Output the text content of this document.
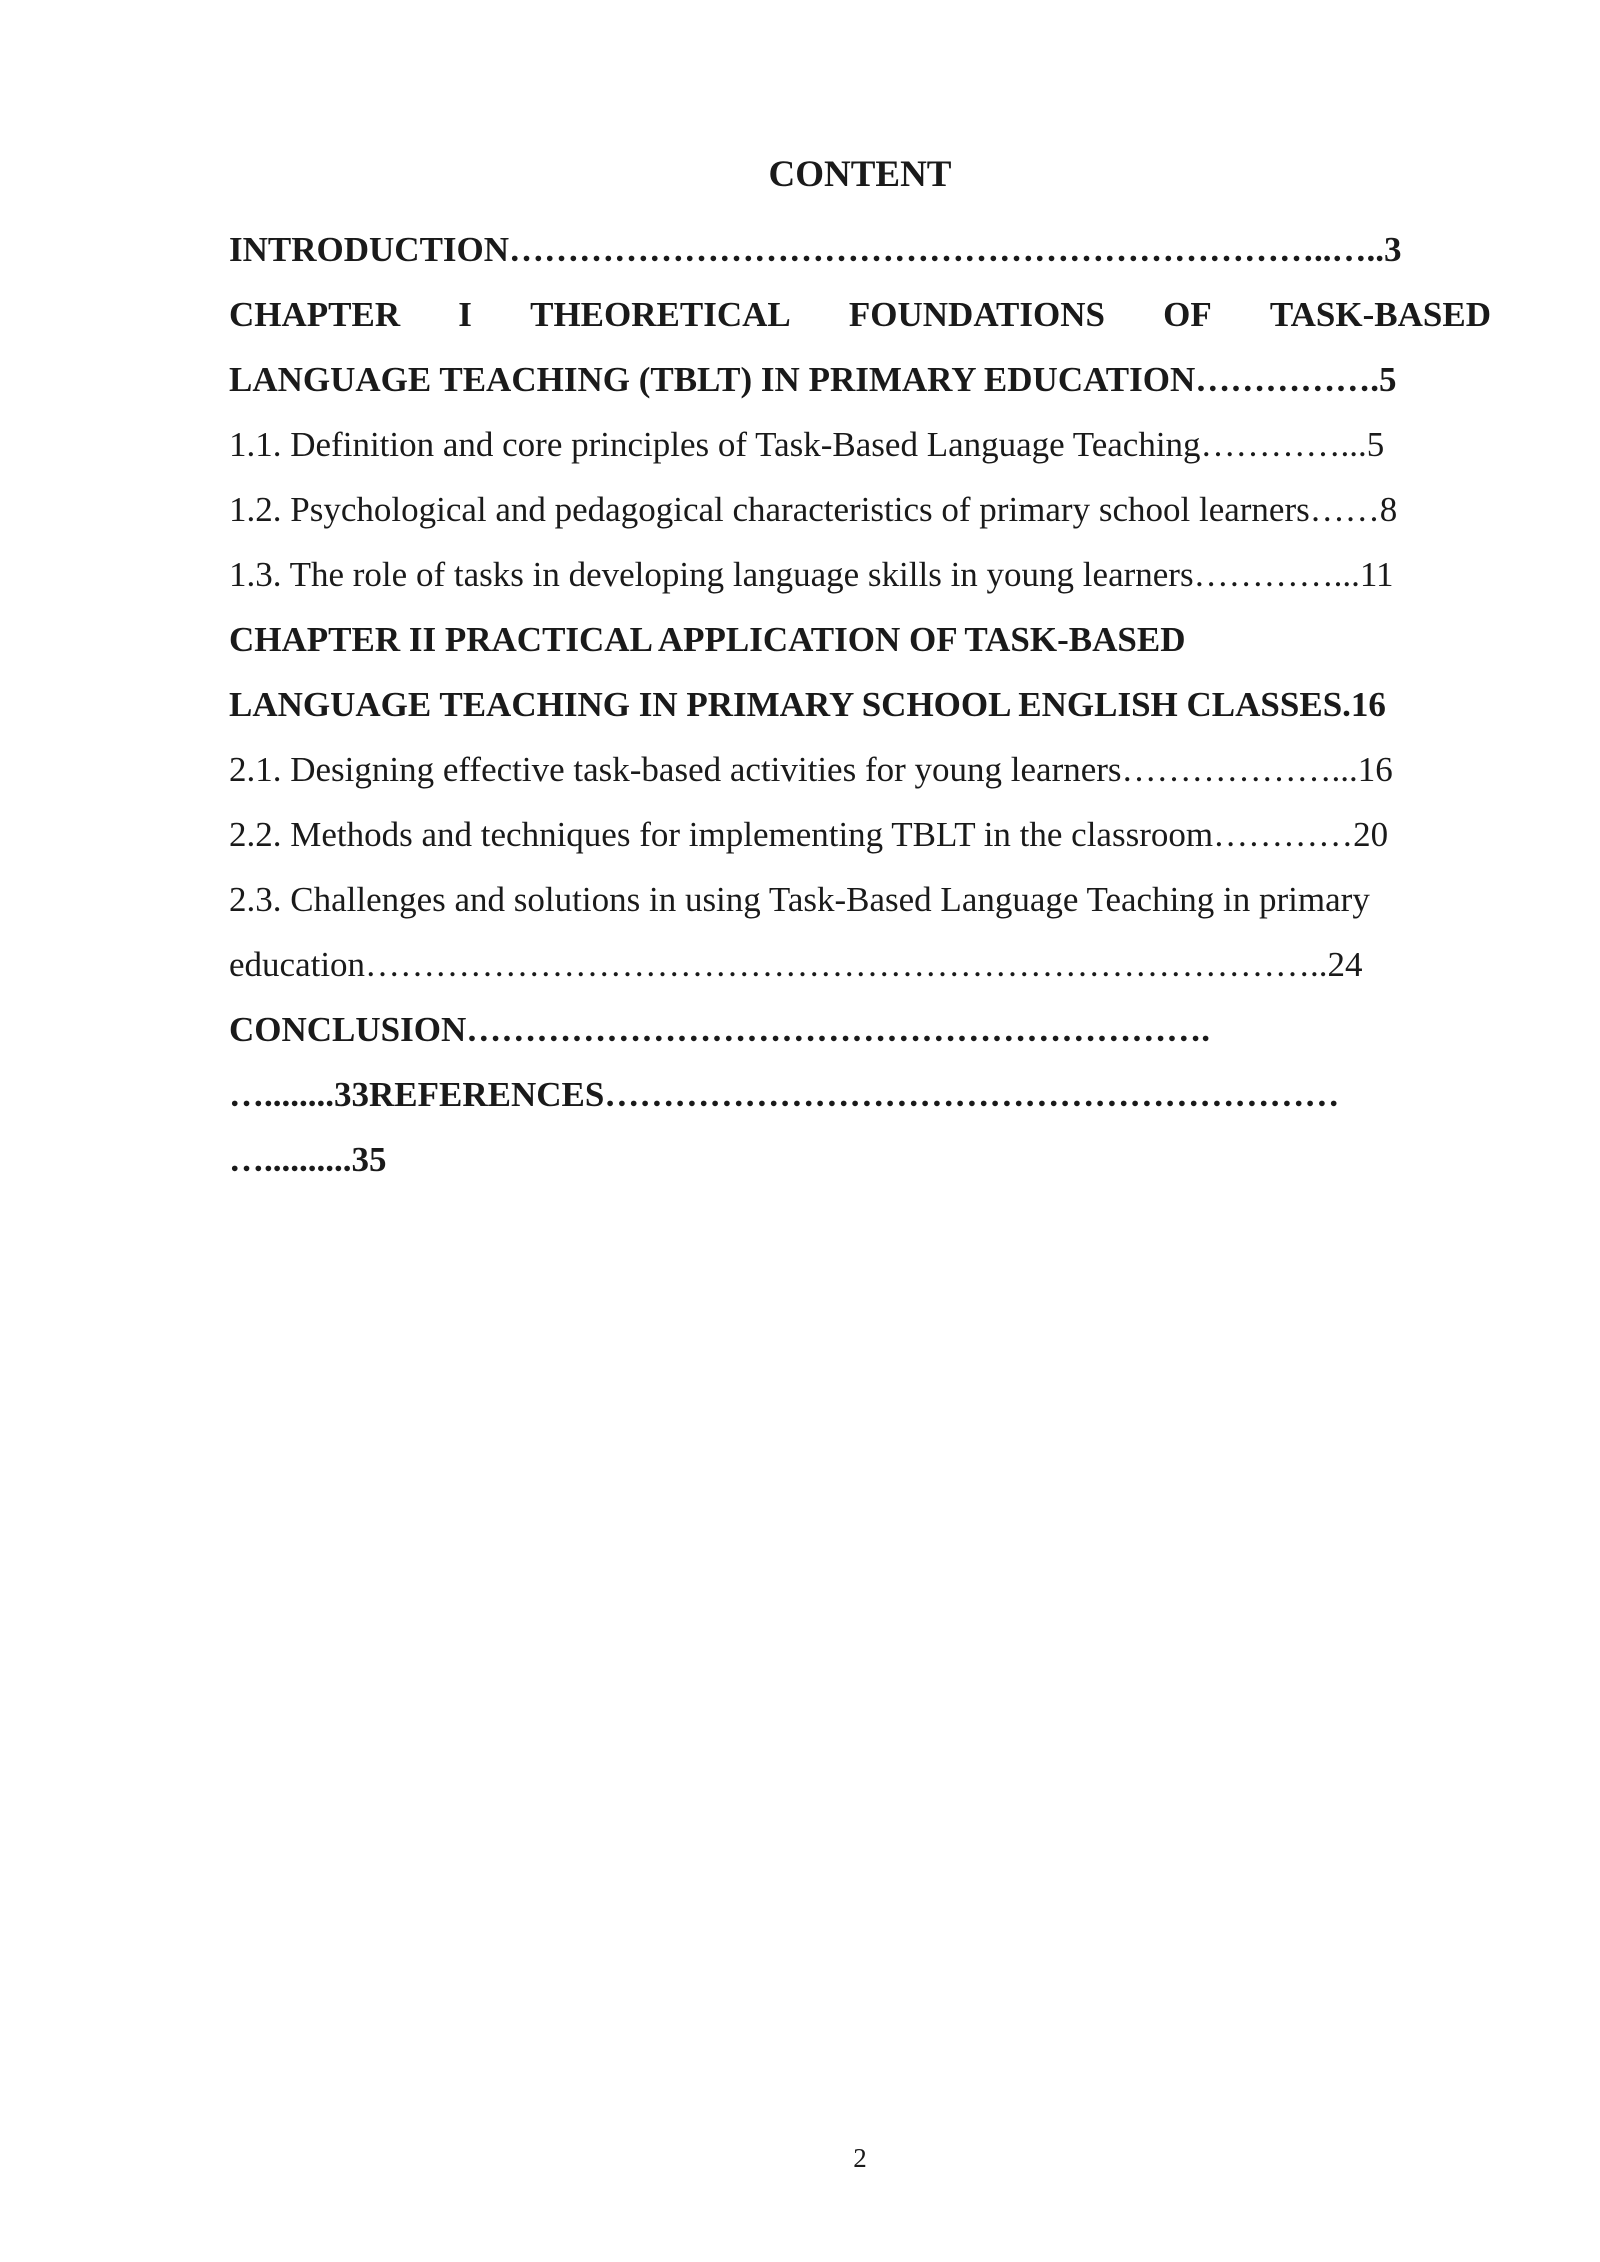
CONTENT
INTRODUCTION……………………………………………………………..…..3
CHAPTER I THEORETICAL FOUNDATIONS OF TASK-BASED
LANGUAGE TEACHING (TBLT) IN PRIMARY EDUCATION…………….5
1.1. Definition and core principles of Task-Based Language Teaching…………...5
1.2. Psychological and pedagogical characteristics of primary school learners……8
1.3. The role of tasks in developing language skills in young learners…………...11
CHAPTER II PRACTICAL APPLICATION OF TASK-BASED
LANGUAGE TEACHING IN PRIMARY SCHOOL ENGLISH CLASSES.16
2.1. Designing effective task-based activities for young learners………………...16
2.2. Methods and techniques for implementing TBLT in the classroom…………20
2.3. Challenges and solutions in using Task-Based Language Teaching in primary
education………………………………………………………………………..24
CONCLUSION……………………………………………………….
…........33REFERENCES………………………………………………………
…..........35
2
